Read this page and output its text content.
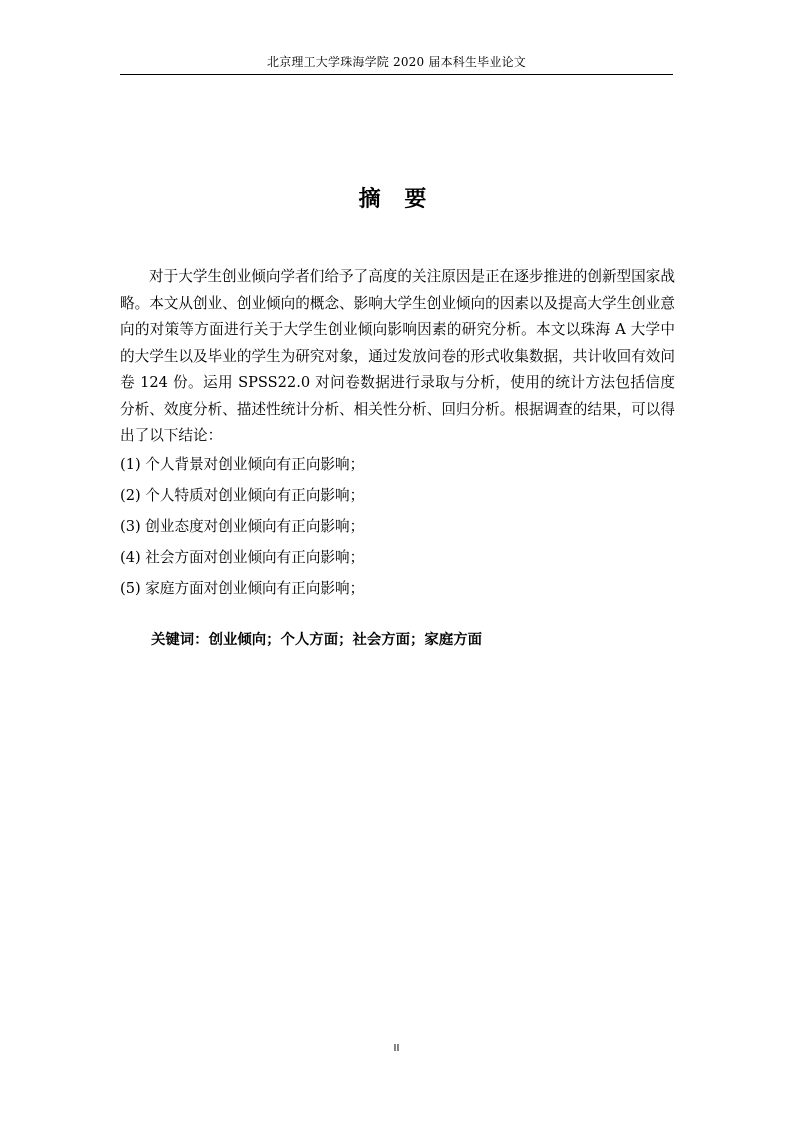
北京理工大学珠海学院 2020 届本科生毕业论文
摘 要

对于大学生创业倾向学者们给予了高度的关注原因是正在逐步推进的创新型国家战略。本文从创业、创业倾向的概念、影响大学生创业倾向的因素以及提高大学生创业意向的对策等方面进行关于大学生创业倾向影响因素的研究分析。本文以珠海 A 大学中的大学生以及毕业的学生为研究对象，通过发放问卷的形式收集数据，共计收回有效问卷 124 份。运用 SPSS22.0 对问卷数据进行录取与分析，使用的统计方法包括信度分析、效度分析、描述性统计分析、相关性分析、回归分析。根据调查的结果，可以得出了以下结论：

(1) 个人背景对创业倾向有正向影响；
(2) 个人特质对创业倾向有正向影响；
(3) 创业态度对创业倾向有正向影响；
(4) 社会方面对创业倾向有正向影响；
(5) 家庭方面对创业倾向有正向影响；
关键词：创业倾向；个人方面；社会方面；家庭方面
II
